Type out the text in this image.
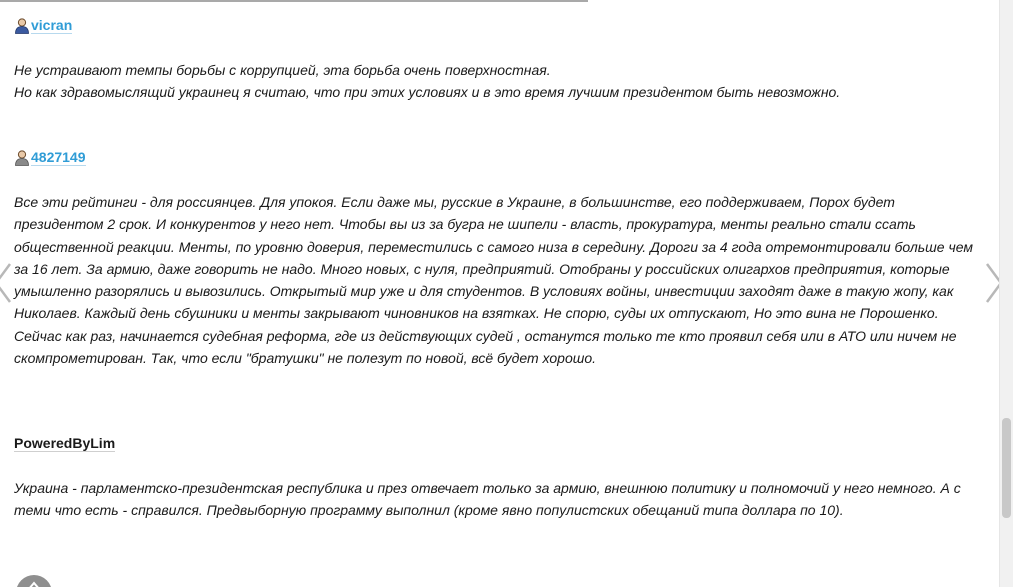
vicran

Не устраивают темпы борьбы с коррупцией, эта борьба очень поверхностная.

Но как здравомыслящий украинец я считаю, что при этих условиях и в это время лучшим президентом быть невозможно.

4827149

Все эти рейтинги - для россиянцев. Для упокоя. Если даже мы, русские в Украине, в большинстве, его поддерживаем, Порох будет президентом 2 срок. И конкурентов у него нет. Чтобы вы из за бугра не шипели - власть, прокуратура, менты реально стали ссать общественной реакции. Менты, по уровню доверия, переместились с самого низа в середину. Дороги за 4 года отремонтировали больше чем за 16 лет. За армию, даже говорить не надо. Много новых, с нуля, предприятий. Отобраны у российских олигархов предприятия, которые умышленно разорялись и вывозились. Открытый мир уже и для студентов. В условиях войны, инвестиции заходят даже в такую жопу, как Николаев. Каждый день сбушники и менты закрывают чиновников на взятках. Не спорю, суды их отпускают, Но это вина не Порошенко. Сейчас как раз, начинается судебная реформа, где из действующих судей , останутся только те кто проявил себя или в АТО или ничем не скомпрометирован. Так, что если "братушки" не полезут по новой, всё будет хорошо.

PoweredByLim

Украина - парламентско-президентская республика и през отвечает только за армию, внешнюю политику и полномочий у него немного. А с теми что есть - справился. Предвыборную программу выполнил (кроме явно популистских обещаний типа доллара по 10).
